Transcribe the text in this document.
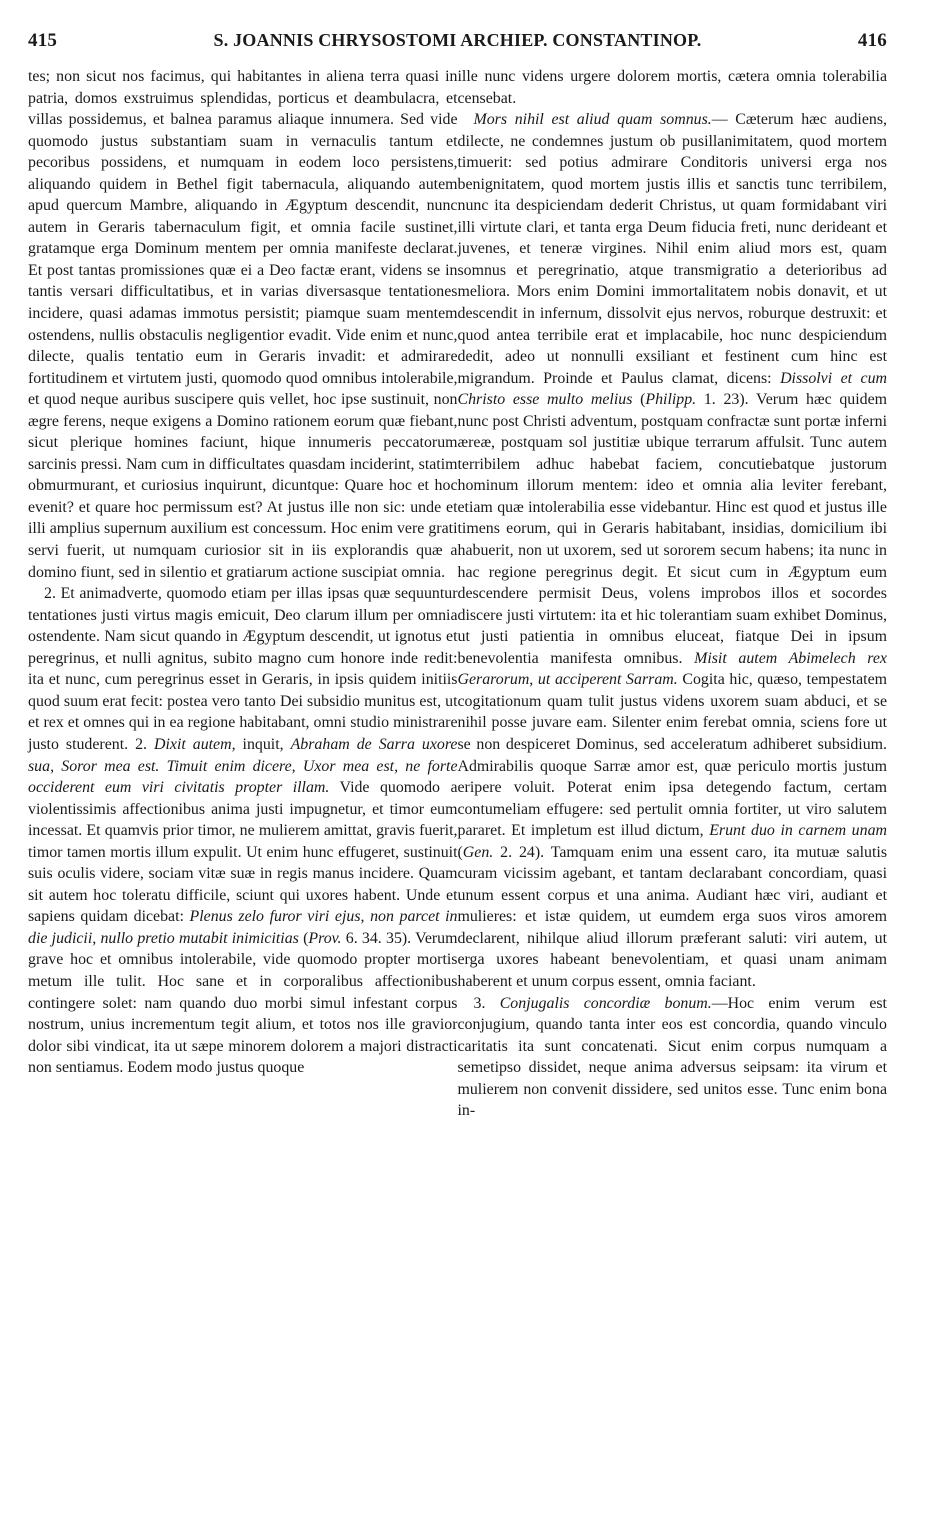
415	S. JOANNIS CHRYSOSTOMI ARCHIEP. CONSTANTINOP.	416

tes; non sicut nos facimus, qui habitantes in aliena terra quasi in patria, domos exstruimus splendidas, porticus et deambulacra, et villas possidemus, et balnea paramus aliaque innumera. Sed vide quomodo justus substantiam suam in vernaculis tantum et pecoribus possidens, et numquam in eodem loco persistens, aliquando quidem in Bethel figit tabernacula, aliquando autem apud quercum Mambre, aliquando in Ægyptum descendit, nunc autem in Geraris tabernaculum figit, et omnia facile sustinet, gratamque erga Dominum mentem per omnia manifeste declarat. Et post tantas promissiones quæ ei a Deo factæ erant, videns se in tantis versari difficultatibus, et in varias diversasque tentationes incidere, quasi adamas immotus persistit; piamque suam mentem ostendens, nullis obstaculis negligentior evadit. Vide enim et nunc, dilecte, qualis tentatio eum in Geraris invadit: et admirare fortitudinem et virtutem justi, quomodo quod omnibus intolerabile, et quod neque auribus suscipere quis vellet, hoc ipse sustinuit, non ægre ferens, neque exigens a Domino rationem eorum quæ fiebant, sicut plerique homines faciunt, hique innumeris peccatorum sarcinis pressi. Nam cum in difficultates quasdam inciderint, statim obmurmurant, et curiosius inquirunt, dicuntque: Quare hoc et hoc evenit? et quare hoc permissum est? At justus ille non sic: unde et illi amplius supernum auxilium est concessum. Hoc enim vere grati servi fuerit, ut numquam curiosior sit in iis explorandis quæ a domino fiunt, sed in silentio et gratiarum actione suscipiat omnia.

2. Et animadverte, quomodo etiam per illas ipsas quæ sequuntur tentationes justi virtus magis emicuit, Deo clarum illum per omnia ostendente. Nam sicut quando in Ægyptum descendit, ut ignotus et peregrinus, et nulli agnitus, subito magno cum honore inde redit: ita et nunc, cum peregrinus esset in Geraris, in ipsis quidem initiis quod suum erat fecit: postea vero tanto Dei subsidio munitus est, ut et rex et omnes qui in ea regione habitabant, omni studio ministrare justo studerent. 2. Dixit autem, inquit, Abraham de Sarra uxore sua, Soror mea est. Timuit enim dicere, Uxor mea est, ne forte occiderent eum viri civitatis propter illam. Vide quomodo a violentissimis affectionibus anima justi impugnetur, et timor eum incessat. Et quamvis prior timor, ne mulierem amittat, gravis fuerit, timor tamen mortis illum expulit. Ut enim hunc effugeret, sustinuit suis oculis videre, sociam vitæ suæ in regis manus incidere. Quam sit autem hoc toleratu difficile, sciunt qui uxores habent. Unde et sapiens quidam dicebat: Plenus zelo furor viri ejus, non parcet in die judicii, nullo pretio mutabit inimicitias (Prov. 6. 34. 35). Verum grave hoc et omnibus intolerabile, vide quomodo propter mortis metum ille tulit. Hoc sane et in corporalibus affectionibus contingere solet: nam quando duo morbi simul infestant corpus nostrum, unius incrementum tegit alium, et totos nos ille gravior dolor sibi vindicat, ita ut sæpe minorem dolorem a majori distracti non sentiamus. Eodem modo justus quoque

ille nunc videns urgere dolorem mortis, cætera omnia tolerabilia censebat.

Mors nihil est aliud quam somnus.— Cæterum hæc audiens, dilecte, ne condemnes justum ob pusillanimitatem, quod mortem timuerit: sed potius admirare Conditoris universi erga nos benignitatem, quod mortem justis illis et sanctis tunc terribilem, nunc ita despiciendam dederit Christus, ut quam formidabant viri illi virtute clari, et tanta erga Deum fiducia freti, nunc derideant et juvenes, et teneræ virgines. Nihil enim aliud mors est, quam somnus et peregrinatio, atque transmigratio a deterioribus ad meliora. Mors enim Domini immortalitatem nobis donavit, et ut descendit in infernum, dissolvit ejus nervos, roburque destruxit: et quod antea terribile erat et implacabile, hoc nunc despiciendum dedit, adeo ut nonnulli exsiliant et festinent cum hinc est migrandum. Proinde et Paulus clamat, dicens: Dissolvi et cum Christo esse multo melius (Philipp. 1. 23). Verum hæc quidem nunc post Christi adventum, postquam confractæ sunt portæ inferni æreæ, postquam sol justitiæ ubique terrarum affulsit. Tunc autem terribilem adhuc habebat faciem, concutiebatque justorum hominum illorum mentem: ideo et omnia alia leviter ferebant, etiam quæ intolerabilia esse videbantur. Hinc est quod et justus ille timens eorum, qui in Geraris habitabant, insidias, domicilium ibi habuerit, non ut uxorem, sed ut sororem secum habens; ita nunc in hac regione peregrinus degit. Et sicut cum in Ægyptum eum descendere permisit Deus, volens improbos illos et socordes discere justi virtutem: ita et hic tolerantiam suam exhibet Dominus, ut justi patientia in omnibus eluceat, fiatque Dei in ipsum benevolentia manifesta omnibus. Misit autem Abimelech rex Gerarorum, ut acciperent Sarram. Cogita hic, quæso, tempestatem cogitationum quam tulit justus videns uxorem suam abduci, et se nihil posse juvare eam. Silenter enim ferebat omnia, sciens fore ut se non despiceret Dominus, sed acceleratum adhiberet subsidium. Admirabilis quoque Sarræ amor est, quæ periculo mortis justum eripere voluit. Poterat enim ipsa detegendo factum, certam contumeliam effugere: sed pertulit omnia fortiter, ut viro salutem pararet. Et impletum est illud dictum, Erunt duo in carnem unam (Gen. 2. 24). Tamquam enim una essent caro, ita mutuæ salutis curam vicissim agebant, et tantam declarabant concordiam, quasi unum essent corpus et una anima. Audiant hæc viri, audiant et mulieres: et istæ quidem, ut eumdem erga suos viros amorem declarent, nihilque aliud illorum præferant saluti: viri autem, ut erga uxores habeant benevolentiam, et quasi unam animam haberent et unum corpus essent, omnia faciant.

3. Conjugalis concordiæ bonum.—Hoc enim verum est conjugium, quando tanta inter eos est concordia, quando vinculo caritatis ita sunt concatenati. Sicut enim corpus numquam a semetipso dissidet, neque anima adversus seipsam: ita virum et mulierem non convenit dissidere, sed unitos esse. Tunc enim bona in-
